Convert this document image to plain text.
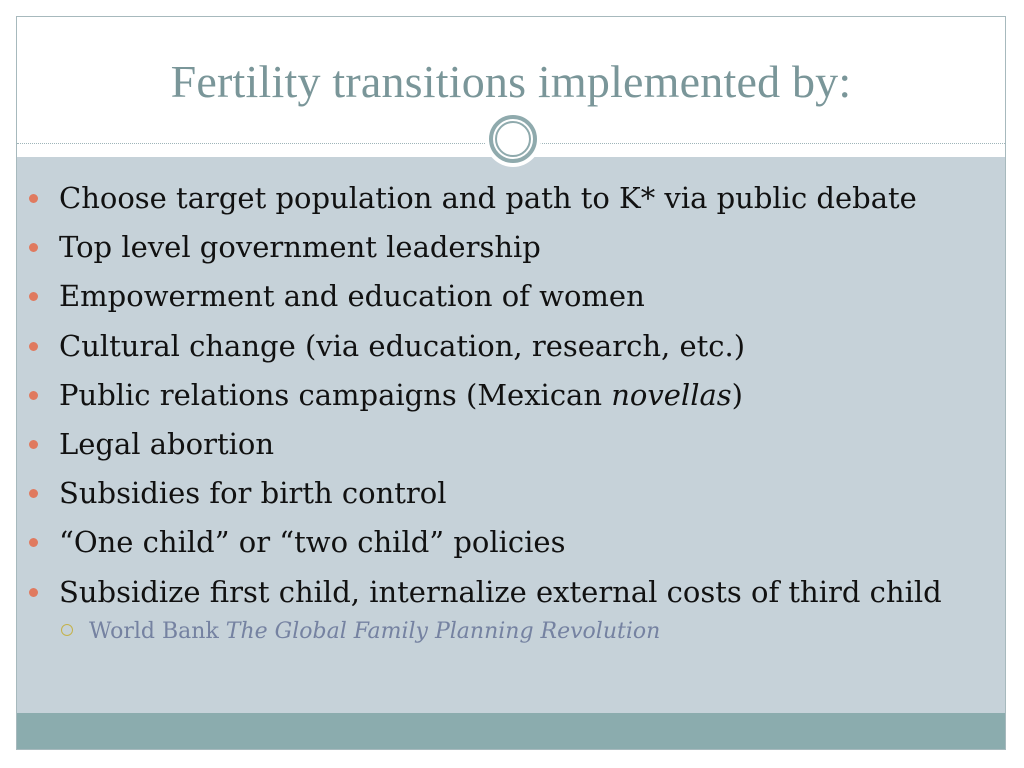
Fertility transitions implemented by:
Choose target population and path to K* via public debate
Top level government leadership
Empowerment and education of women
Cultural change (via education, research, etc.)
Public relations campaigns (Mexican novellas)
Legal abortion
Subsidies for birth control
“One child” or “two child” policies
Subsidize first child, internalize external costs of third child
World Bank The Global Family Planning Revolution
